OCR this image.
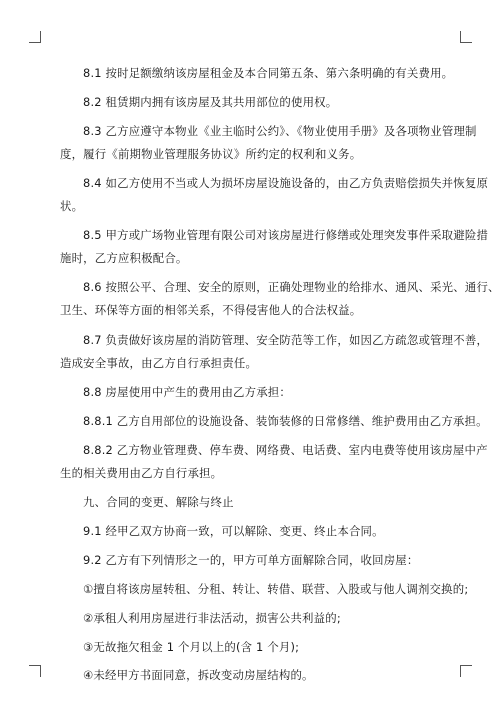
8.1 按时足额缴纳该房屋租金及本合同第五条、第六条明确的有关费用。
8.2 租赁期内拥有该房屋及其共用部位的使用权。
8.3 乙方应遵守本物业《业主临时公约》、《物业使用手册》及各项物业管理制
度，履行《前期物业管理服务协议》所约定的权利和义务。
8.4 如乙方使用不当或人为损坏房屋设施设备的，由乙方负责赔偿损失并恢复原
状。
8.5 甲方或广场物业管理有限公司对该房屋进行修缮或处理突发事件采取避险措
施时，乙方应积极配合。
8.6 按照公平、合理、安全的原则，正确处理物业的给排水、通风、采光、通行、
卫生、环保等方面的相邻关系，不得侵害他人的合法权益。
8.7 负责做好该房屋的消防管理、安全防范等工作，如因乙方疏忽或管理不善，
造成安全事故，由乙方自行承担责任。
8.8 房屋使用中产生的费用由乙方承担：
8.8.1 乙方自用部位的设施设备、装饰装修的日常修缮、维护费用由乙方承担。
8.8.2 乙方物业管理费、停车费、网络费、电话费、室内电费等使用该房屋中产
生的相关费用由乙方自行承担。
九、合同的变更、解除与终止
9.1 经甲乙双方协商一致，可以解除、变更、终止本合同。
9.2 乙方有下列情形之一的，甲方可单方面解除合同，收回房屋：
①擅自将该房屋转租、分租、转让、转借、联营、入股或与他人调剂交换的;
②承租人利用房屋进行非法活动，损害公共利益的;
③无故拖欠租金 1 个月以上的(含 1 个月);
④未经甲方书面同意，拆改变动房屋结构的。
